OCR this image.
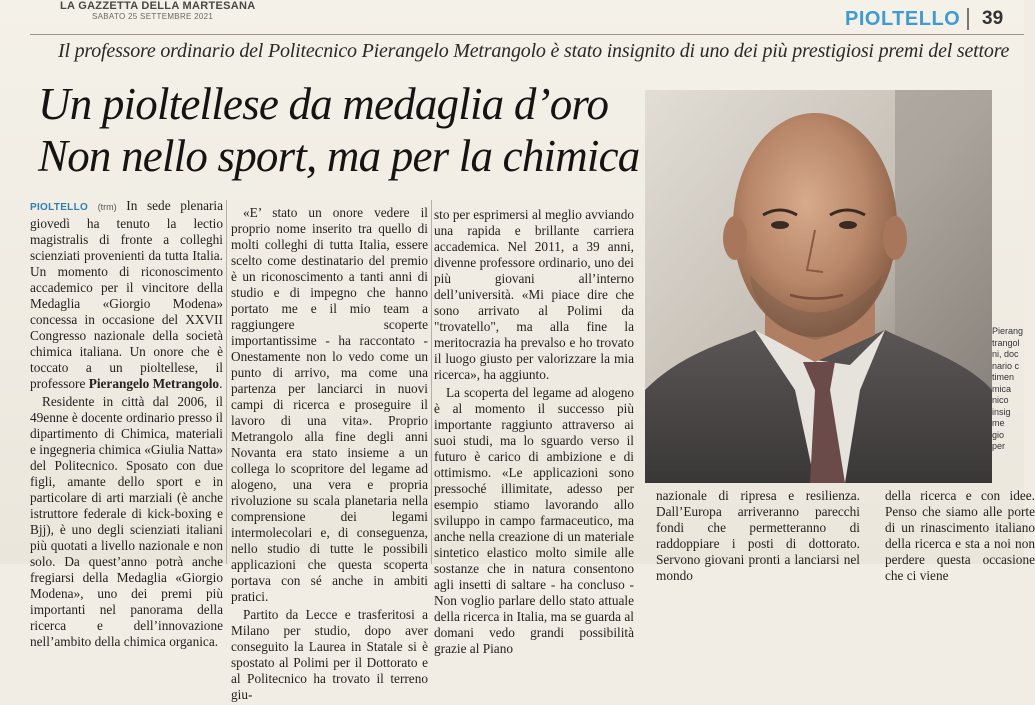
LA GAZZETTA DELLA MARTESANA
SABATO 25 SETTEMBRE 2021	PIOLTELLO 39
Il professore ordinario del Politecnico Pierangelo Metrangolo è stato insignito di uno dei più prestigiosi premi del settore
Un pioltellese da medaglia d’oro
Non nello sport, ma per la chimica

PIOLTELLO (trm) In sede plenaria giovedì ha tenuto la lectio magistralis di fronte a colleghi scienziati provenienti da tutta Italia. Un momento di riconoscimento accademico per il vincitore della Medaglia «Giorgio Modena» concessa in occasione del XXVII Congresso nazionale della società chimica italiana. Un onore che è toccato a un pioltellese, il professore Pierangelo Metrangolo.

Residente in città dal 2006, il 49enne è docente ordinario presso il dipartimento di Chimica, materiali e ingegneria chimica «Giulia Natta» del Politecnico. Sposato con due figli, amante dello sport e in particolare di arti marziali (è anche istruttore federale di kick-boxing e Bjj), è uno degli scienziati italiani più quotati a livello nazionale e non solo. Da quest’anno potrà anche fregiarsi della Medaglia «Giorgio Modena», uno dei premi più importanti nel panorama della ricerca e dell’innovazione nell’ambito della chimica organica.

«E’ stato un onore vedere il proprio nome inserito tra quello di molti colleghi di tutta Italia, essere scelto come destinatario del premio è un riconoscimento a tanti anni di studio e di impegno che hanno portato me e il mio team a raggiungere scoperte importantissime - ha raccontato - Onestamente non lo vedo come un punto di arrivo, ma come una partenza per lanciarci in nuovi campi di ricerca e proseguire il lavoro di una vita». Proprio Metrangolo alla fine degli anni Novanta era stato insieme a un collega lo scopritore del legame ad alogeno, una vera e propria rivoluzione su scala planetaria nella comprensione dei legami intermolecolari e, di conseguenza, nello studio di tutte le possibili applicazioni che questa scoperta portava con sé anche in ambiti pratici.

Partito da Lecce e trasferitosi a Milano per studio, dopo aver conseguito la Laurea in Statale si è spostato al Polimi per il Dottorato e al Politecnico ha trovato il terreno giu-

sto per esprimersi al meglio avviando una rapida e brillante carriera accademica. Nel 2011, a 39 anni, divenne professore ordinario, uno dei più giovani all’interno dell’università. «Mi piace dire che sono arrivato al Polimi da "trovatello", ma alla fine la meritocrazia ha prevalso e ho trovato il luogo giusto per valorizzare la mia ricerca», ha aggiunto.

La scoperta del legame ad alogeno è al momento il successo più importante raggiunto attraverso ai suoi studi, ma lo sguardo verso il futuro è carico di ambizione e di ottimismo. «Le applicazioni sono pressoché illimitate, adesso per esempio stiamo lavorando allo sviluppo in campo farmaceutico, ma anche nella creazione di un materiale sintetico elastico molto simile alle sostanze che in natura consentono agli insetti di saltare - ha concluso - Non voglio parlare dello stato attuale della ricerca in Italia, ma se guarda al domani vedo grandi possibilità grazie al Piano

nazionale di ripresa e resilienza. Dall’Europa arriveranno parecchi fondi che permetteranno di raddoppiare i posti di dottorato. Servono giovani pronti a lanciarsi nel mondo

della ricerca e con idee. Penso che siamo alle porte di un rinascimento italiano della ricerca e sta a noi non perdere questa occasione che ci viene

Pierang
trangol
ni, doc
nario c
timen
mica
nico
insig
me
gio
per
